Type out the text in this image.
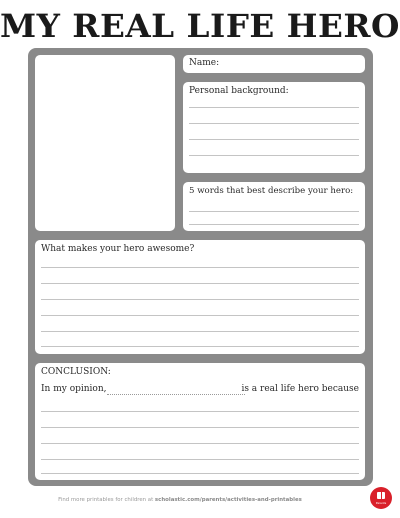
MY REAL LIFE HERO
Name:
Personal background:
5 words that best describe your hero:
What makes your hero awesome?
CONCLUSION:
In my opinion,	is a real life hero because
Find more printables for children at scholastic.com/parents/activities-and-printables	Parents
